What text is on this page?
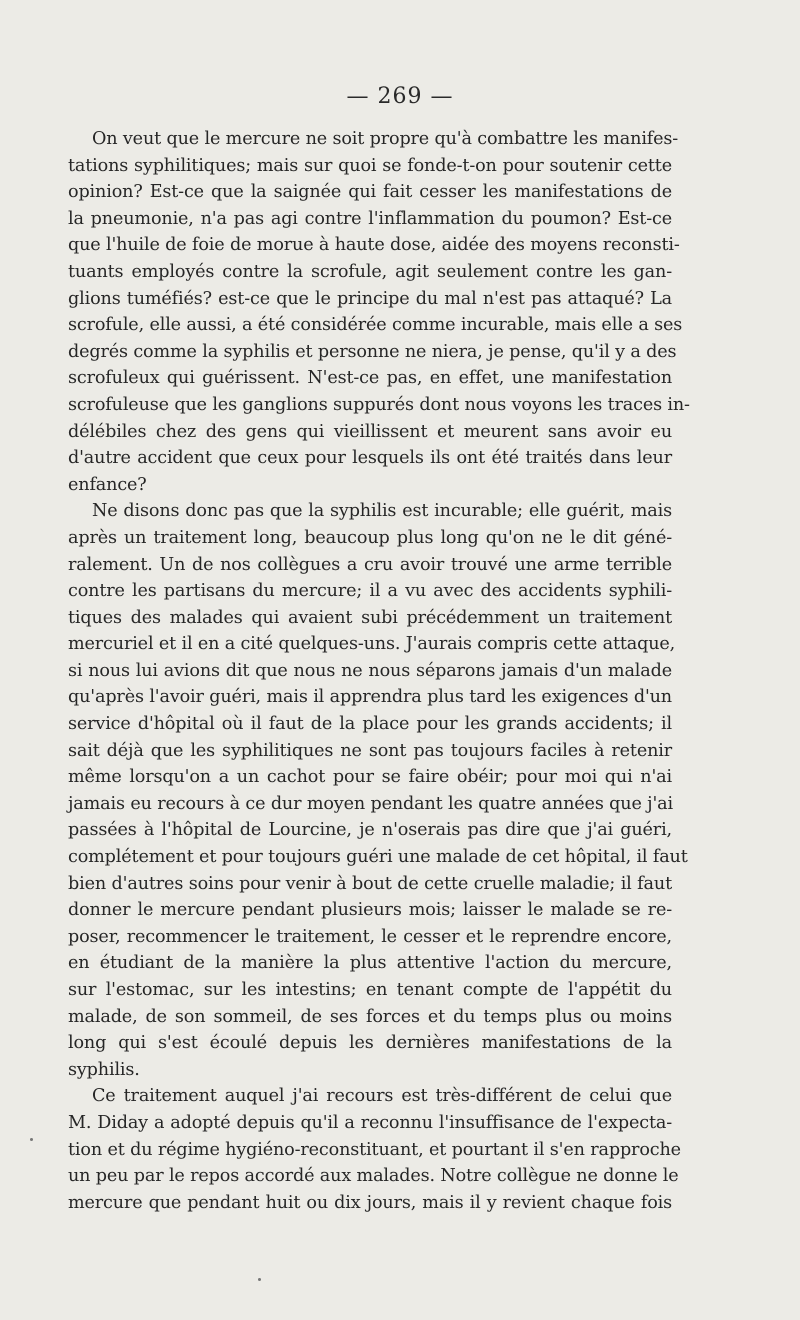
— 269 —
On veut que le mercure ne soit propre qu'à combattre les manifes-
tations syphilitiques; mais sur quoi se fonde-t-on pour soutenir cette
opinion? Est-ce que la saignée qui fait cesser les manifestations de
la pneumonie, n'a pas agi contre l'inflammation du poumon? Est-ce
que l'huile de foie de morue à haute dose, aidée des moyens reconsti-
tuants employés contre la scrofule, agit seulement contre les gan-
glions tuméfiés? est-ce que le principe du mal n'est pas attaqué? La
scrofule, elle aussi, a été considérée comme incurable, mais elle a ses
degrés comme la syphilis et personne ne niera, je pense, qu'il y a des
scrofuleux qui guérissent. N'est-ce pas, en effet, une manifestation
scrofuleuse que les ganglions suppurés dont nous voyons les traces in-
délébiles chez des gens qui vieillissent et meurent sans avoir eu
d'autre accident que ceux pour lesquels ils ont été traités dans leur
enfance?
Ne disons donc pas que la syphilis est incurable; elle guérit, mais
après un traitement long, beaucoup plus long qu'on ne le dit géné-
ralement. Un de nos collègues a cru avoir trouvé une arme terrible
contre les partisans du mercure; il a vu avec des accidents syphili-
tiques des malades qui avaient subi précédemment un traitement
mercuriel et il en a cité quelques-uns. J'aurais compris cette attaque,
si nous lui avions dit que nous ne nous séparons jamais d'un malade
qu'après l'avoir guéri, mais il apprendra plus tard les exigences d'un
service d'hôpital où il faut de la place pour les grands accidents; il
sait déjà que les syphilitiques ne sont pas toujours faciles à retenir
même lorsqu'on a un cachot pour se faire obéir; pour moi qui n'ai
jamais eu recours à ce dur moyen pendant les quatre années que j'ai
passées à l'hôpital de Lourcine, je n'oserais pas dire que j'ai guéri,
complétement et pour toujours guéri une malade de cet hôpital, il faut
bien d'autres soins pour venir à bout de cette cruelle maladie; il faut
donner le mercure pendant plusieurs mois; laisser le malade se re-
poser, recommencer le traitement, le cesser et le reprendre encore,
en étudiant de la manière la plus attentive l'action du mercure,
sur l'estomac, sur les intestins; en tenant compte de l'appétit du
malade, de son sommeil, de ses forces et du temps plus ou moins
long qui s'est écoulé depuis les dernières manifestations de la
syphilis.
Ce traitement auquel j'ai recours est très-différent de celui que
M. Diday a adopté depuis qu'il a reconnu l'insuffisance de l'expecta-
tion et du régime hygiéno-reconstituant, et pourtant il s'en rapproche
un peu par le repos accordé aux malades. Notre collègue ne donne le
mercure que pendant huit ou dix jours, mais il y revient chaque fois
